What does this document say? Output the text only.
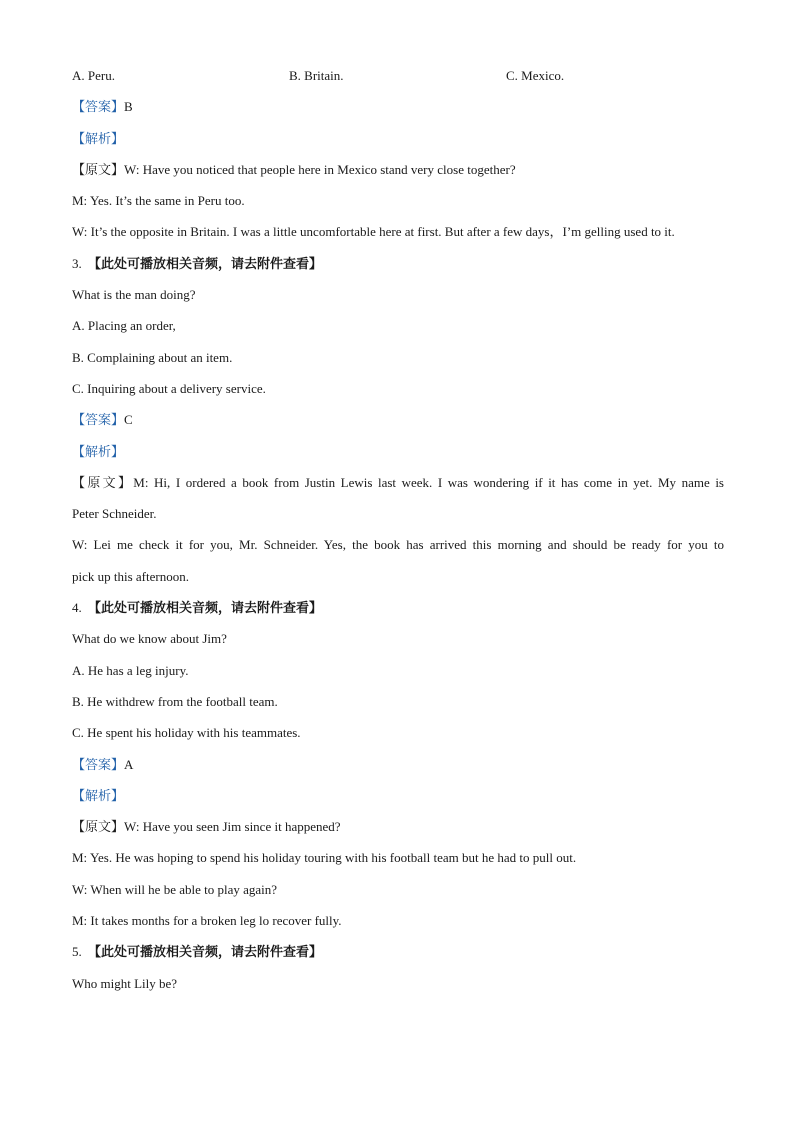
A. Peru.	B. Britain.	C. Mexico.
【答案】B
【解析】
【原文】W: Have you noticed that people here in Mexico stand very close together?
M: Yes. It’s the same in Peru too.
W: It’s the opposite in Britain. I was a little uncomfortable here at first. But after a few days，I’m gelling used to it.
3. 【此处可播放相关音频，请去附件查看】
What is the man doing?
A. Placing an order,
B. Complaining about an item.
C. Inquiring about a delivery service.
【答案】C
【解析】
【原文】M: Hi, I ordered a book from Justin Lewis last week. I was wondering if it has come in yet. My name is
Peter Schneider.
W: Lei me check it for you, Mr. Schneider. Yes, the book has arrived this morning and should be ready for you to
pick up this afternoon.
4. 【此处可播放相关音频，请去附件查看】
What do we know about Jim?
A. He has a leg injury.
B. He withdrew from the football team.
C. He spent his holiday with his teammates.
【答案】A
【解析】
【原文】W: Have you seen Jim since it happened?
M: Yes. He was hoping to spend his holiday touring with his football team but he had to pull out.
W: When will he be able to play again?
M: It takes months for a broken leg lo recover fully.
5. 【此处可播放相关音频，请去附件查看】
Who might Lily be?
